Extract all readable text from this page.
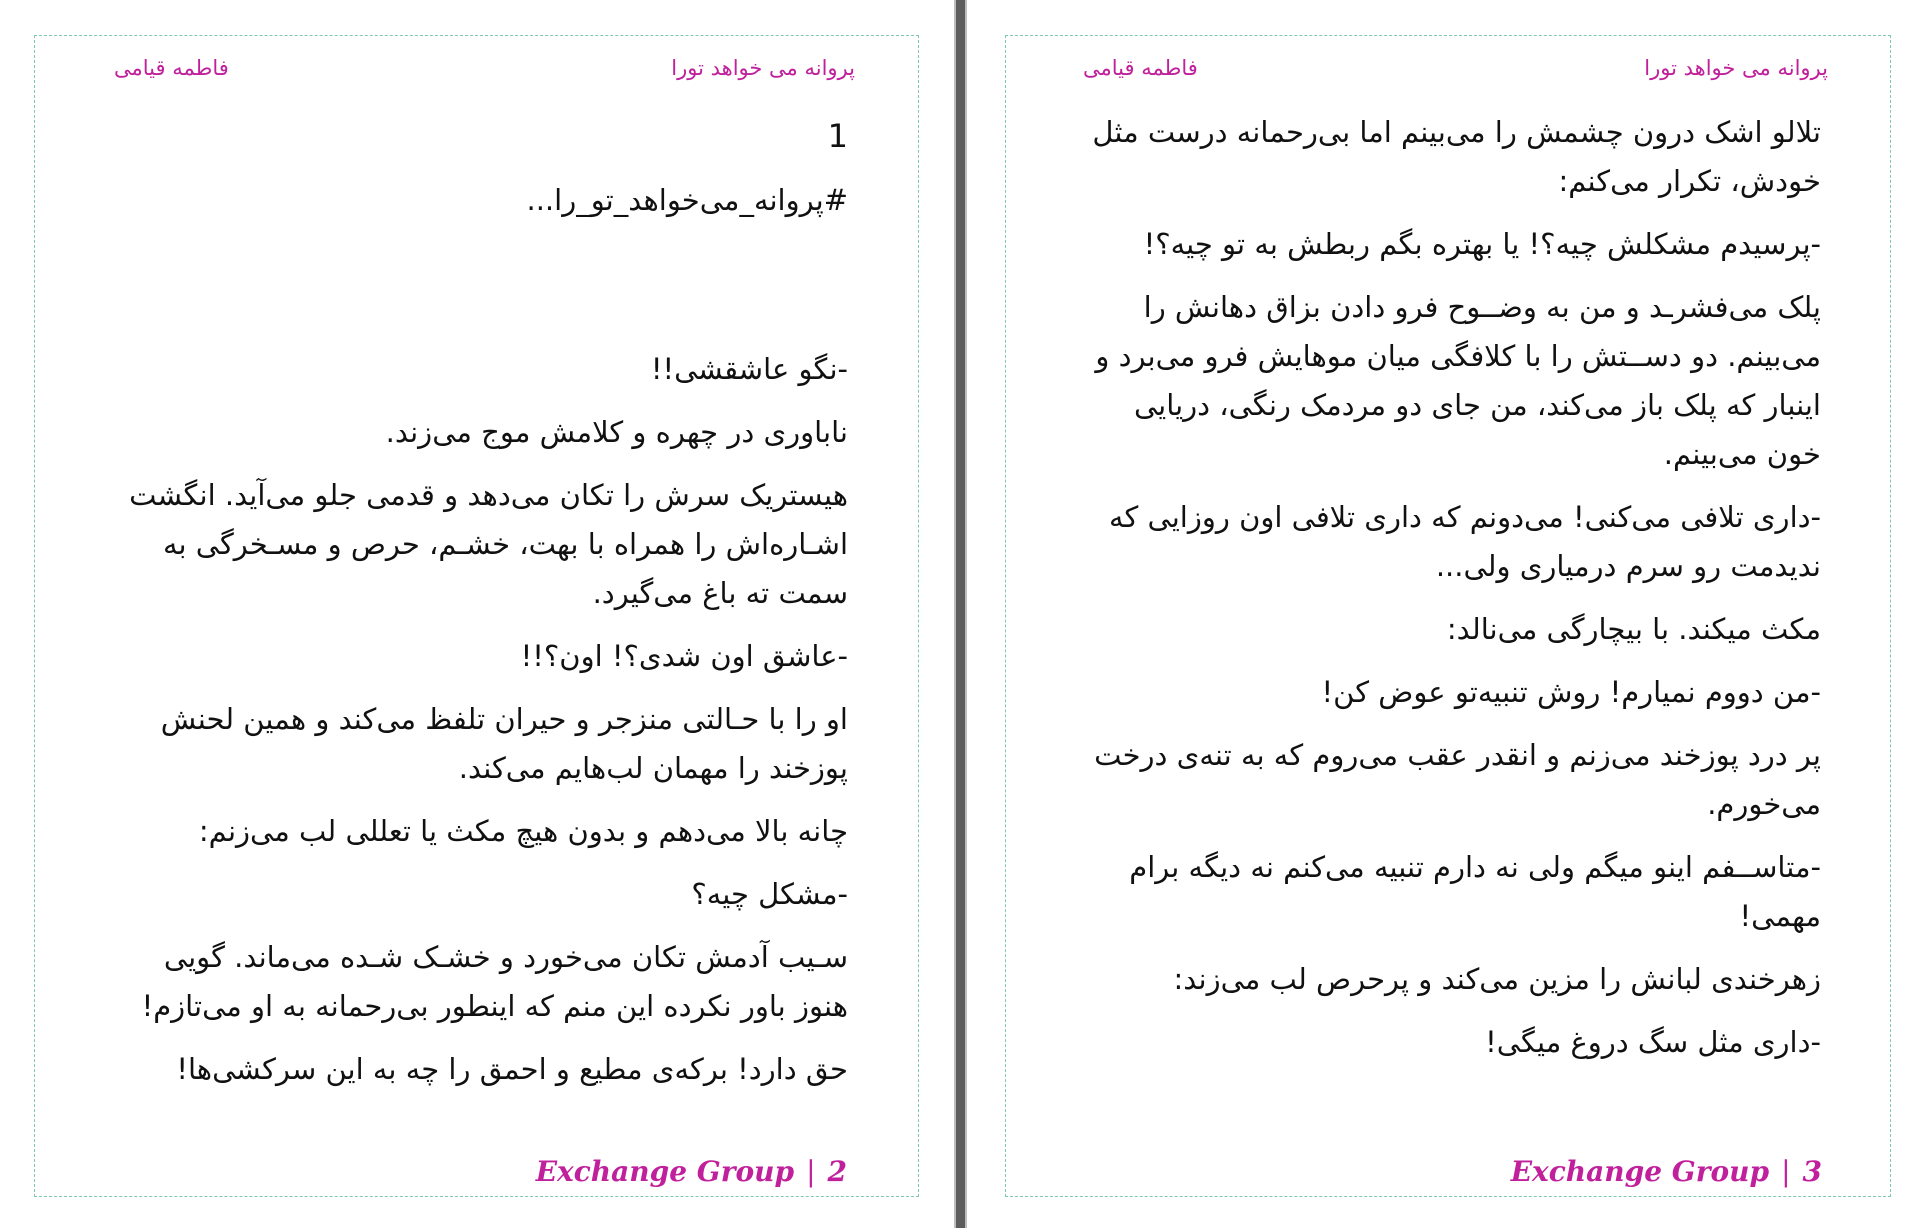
پروانه می خواهد تورا
فاطمه قیامی

1

#پروانه_می‌خواهد_تو_را...

-نگو عاشقشی!!

ناباوری در چهره و کلامش موج می‌زند.

هیستریک سرش را تکان می‌دهد و قدمی جلو می‌آید. انگشت اشـاره‌اش را همراه با بهت، خشـم، حرص و مسـخرگی به سمت ته باغ می‌گیرد.

-عاشق اون شدی؟! اون؟!!

او را با حـالتی منزجر و حیران تلفظ می‌کند و همین لحنش پوزخند را مهمان لب‌هایم می‌کند.

چانه بالا می‌دهم و بدون هیچ مکث یا تعللی لب می‌زنم:

-مشکل چیه؟

سـیب آدمش تکان می‌خورد و خشـک شـده می‌ماند. گویی هنوز باور نکرده این منم که اینطور بی‌رحمانه به او می‌تازم!

حق دارد! برکه‌ی مطیع و احمق را چه به این سرکشی‌ها!

Exchange Group | 2
پروانه می خواهد تورا
فاطمه قیامی

تلالو اشک درون چشمش را می‌بینم اما بی‌رحمانه درست مثل خودش، تکرار می‌کنم:

-پرسیدم مشکلش چیه؟! یا بهتره بگم ربطش به تو چیه؟!

پلک می‌فشرـد و من به وضــوح فرو دادن بزاق دهانش را می‌بینم. دو دســتش را با کلافگی میان موهایش فرو می‌برد و اینبار که پلک باز می‌کند، من جای دو مردمک رنگی، دریایی خون می‌بینم.

-داری تلافی می‌کنی! می‌دونم که داری تلافی اون روزایی که ندیدمت رو سرم درمیاری ولی...

مکث میکند. با بیچارگی می‌نالد:

-من دووم نمیارم! روش تنبیه‌تو عوض کن!

پر درد پوزخند می‌زنم و انقدر عقب می‌روم که به تنه‌ی درخت می‌خورم.

-متاســفم اینو میگم ولی نه دارم تنبیه می‌کنم نه دیگه برام مهمی!

زهرخندی لبانش را مزین می‌کند و پرحرص لب می‌زند:

-داری مثل سگ دروغ میگی!

Exchange Group | 3
